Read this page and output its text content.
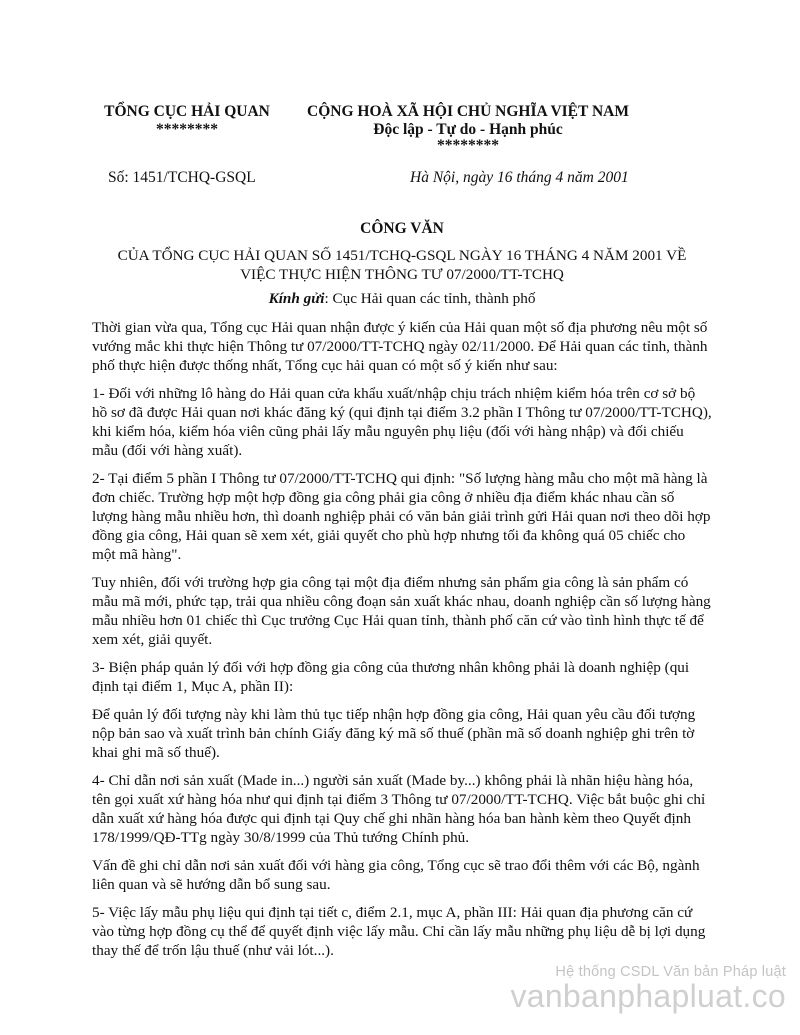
TỔNG CỤC HẢI QUAN
********
CỘNG HOÀ XÃ HỘI CHỦ NGHĨA VIỆT NAM
Độc lập - Tự do - Hạnh phúc
********
Số: 1451/TCHQ-GSQL	Hà Nội, ngày 16 tháng 4 năm 2001
CÔNG VĂN
CỦA TỔNG CỤC HẢI QUAN SỐ 1451/TCHQ-GSQL NGÀY 16 THÁNG 4 NĂM 2001 VỀ
VIỆC THỰC HIỆN THÔNG TƯ 07/2000/TT-TCHQ
Kính gửi: Cục Hải quan các tỉnh, thành phố

Thời gian vừa qua, Tổng cục Hải quan nhận được ý kiến của Hải quan một số địa phương nêu một số vướng mắc khi thực hiện Thông tư 07/2000/TT-TCHQ ngày 02/11/2000. Để Hải quan các tỉnh, thành phố thực hiện được thống nhất, Tổng cục hải quan có một số ý kiến như sau:

1- Đối với những lô hàng do Hải quan cửa khẩu xuất/nhập chịu trách nhiệm kiểm hóa trên cơ sở bộ hồ sơ đã được Hải quan nơi khác đăng ký (qui định tại điểm 3.2 phần I Thông tư 07/2000/TT-TCHQ), khi kiểm hóa, kiểm hóa viên cũng phải lấy mẫu nguyên phụ liệu (đối với hàng nhập) và đối chiếu mẫu (đối với hàng xuất).

2- Tại điểm 5 phần I Thông tư 07/2000/TT-TCHQ qui định: "Số lượng hàng mẫu cho một mã hàng là đơn chiếc. Trường hợp một hợp đồng gia công phải gia công ở nhiều địa điểm khác nhau cần số lượng hàng mẫu nhiều hơn, thì doanh nghiệp phải có văn bản giải trình gửi Hải quan nơi theo dõi hợp đồng gia công, Hải quan sẽ xem xét, giải quyết cho phù hợp nhưng tối đa không quá 05 chiếc cho một mã hàng".

Tuy nhiên, đối với trường hợp gia công tại một địa điểm nhưng sản phẩm gia công là sản phẩm có mẫu mã mới, phức tạp, trải qua nhiều công đoạn sản xuất khác nhau, doanh nghiệp cần số lượng hàng mẫu nhiều hơn 01 chiếc thì Cục trưởng Cục Hải quan tỉnh, thành phố căn cứ vào tình hình thực tế để xem xét, giải quyết.

3- Biện pháp quản lý đối với hợp đồng gia công của thương nhân không phải là doanh nghiệp (qui định tại điểm 1, Mục A, phần II):

Để quản lý đối tượng này khi làm thủ tục tiếp nhận hợp đồng gia công, Hải quan yêu cầu đối tượng nộp bản sao và xuất trình bản chính Giấy đăng ký mã số thuế (phần mã số doanh nghiệp ghi trên tờ khai ghi mã số thuế).

4- Chỉ dẫn nơi sản xuất (Made in...) người sản xuất (Made by...) không phải là nhãn hiệu hàng hóa, tên gọi xuất xứ hàng hóa như qui định tại điểm 3 Thông tư 07/2000/TT-TCHQ. Việc bắt buộc ghi chỉ dẫn xuất xứ hàng hóa được qui định tại Quy chế ghi nhãn hàng hóa ban hành kèm theo Quyết định 178/1999/QĐ-TTg ngày 30/8/1999 của Thủ tướng Chính phủ.

Vấn đề ghi chỉ dẫn nơi sản xuất đối với hàng gia công, Tổng cục sẽ trao đổi thêm với các Bộ, ngành liên quan và sẽ hướng dẫn bổ sung sau.

5- Việc lấy mẫu phụ liệu qui định tại tiết c, điểm 2.1, mục A, phần III: Hải quan địa phương căn cứ vào từng hợp đồng cụ thể để quyết định việc lấy mẫu. Chỉ cần lấy mẫu những phụ liệu dễ bị lợi dụng thay thế để trốn lậu thuế (như vải lót...).

Hệ thống CSDL Văn bản Pháp luật
vanbanphapluat.co
